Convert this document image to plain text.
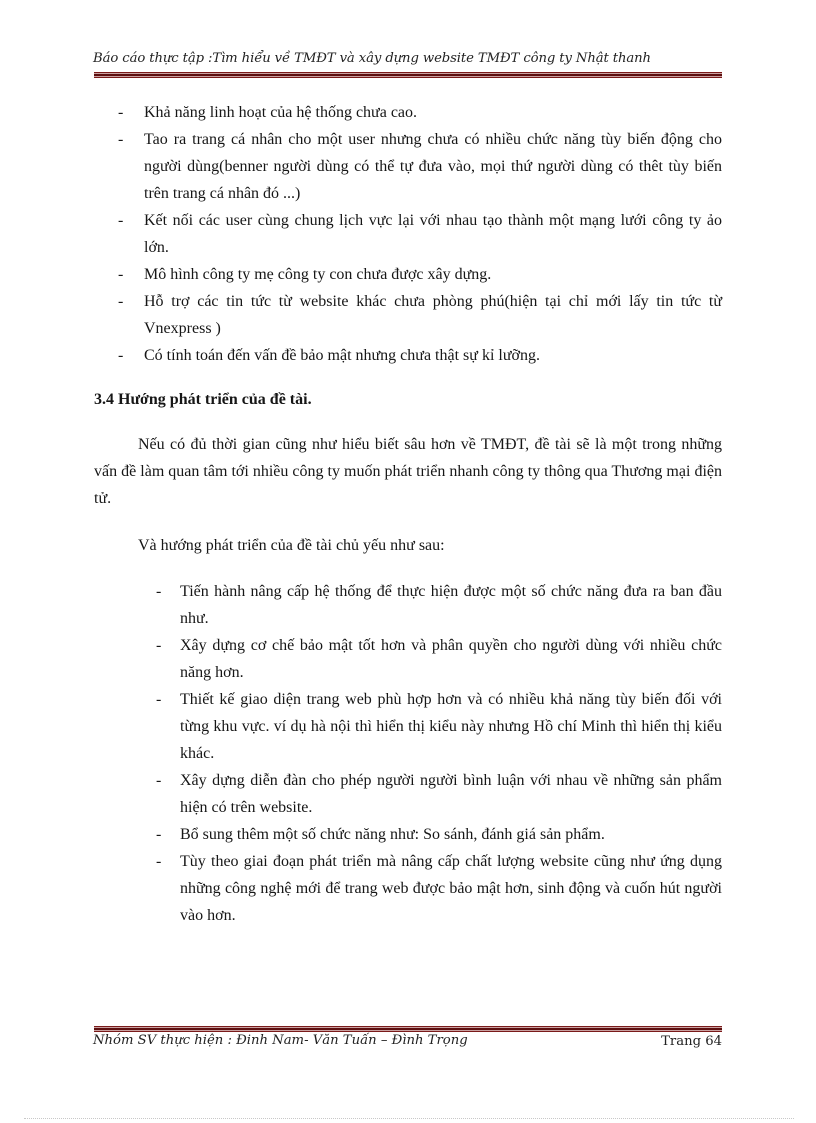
Báo cáo thực tập :Tìm hiểu về TMĐT và xây dựng website TMĐT công ty Nhật thanh
- Khả năng linh hoạt của hệ thống chưa cao.
- Tao ra trang cá nhân cho một user nhưng chưa có nhiều chức năng tùy biến động cho người dùng(benner người dùng có thể tự đưa vào, mọi thứ người dùng có thêt tùy biến trên trang cá nhân đó ...)
- Kết nối các user cùng chung lịch vực lại với nhau tạo thành một mạng lưới công ty ảo lớn.
- Mô hình công ty mẹ công ty con chưa được xây dựng.
- Hỗ trợ các tin tức từ website khác chưa phòng phú(hiện tại chỉ mới lấy tin tức từ Vnexpress )
- Có tính toán đến vấn đề bảo mật nhưng chưa thật sự kỉ lưỡng.
3.4 Hướng phát triển của đề tài.

Nếu có đủ thời gian cũng như hiểu biết sâu hơn về TMĐT, đề tài sẽ là một trong những vấn đề làm quan tâm tới nhiều công ty muốn phát triển nhanh công ty thông qua Thương mại điện tử.

Và hướng phát triển của đề tài chủ yếu như sau:

- Tiến hành nâng cấp hệ thống để thực hiện được một số chức năng đưa ra ban đầu như.
- Xây dựng cơ chế bảo mật tốt hơn và phân quyền cho người dùng với nhiều chức năng hơn.
- Thiết kế giao diện trang web phù hợp hơn và có nhiều khả năng tùy biến đối với từng khu vực. ví dụ hà nội thì hiển thị kiểu này nhưng Hồ chí Minh thì hiển thị kiểu khác.
- Xây dựng diễn đàn cho phép người người bình luận với nhau về những sản phẩm hiện có trên website.
- Bổ sung thêm một số chức năng như: So sánh, đánh giá sản phẩm.
- Tùy theo giai đoạn phát triển mà nâng cấp chất lượng website cũng như ứng dụng những công nghệ mới để trang web được bảo mật hơn, sinh động và cuốn hút người vào hơn.
Nhóm SV thực hiện : Đinh Nam- Văn Tuấn – Đình Trọng	Trang 64
